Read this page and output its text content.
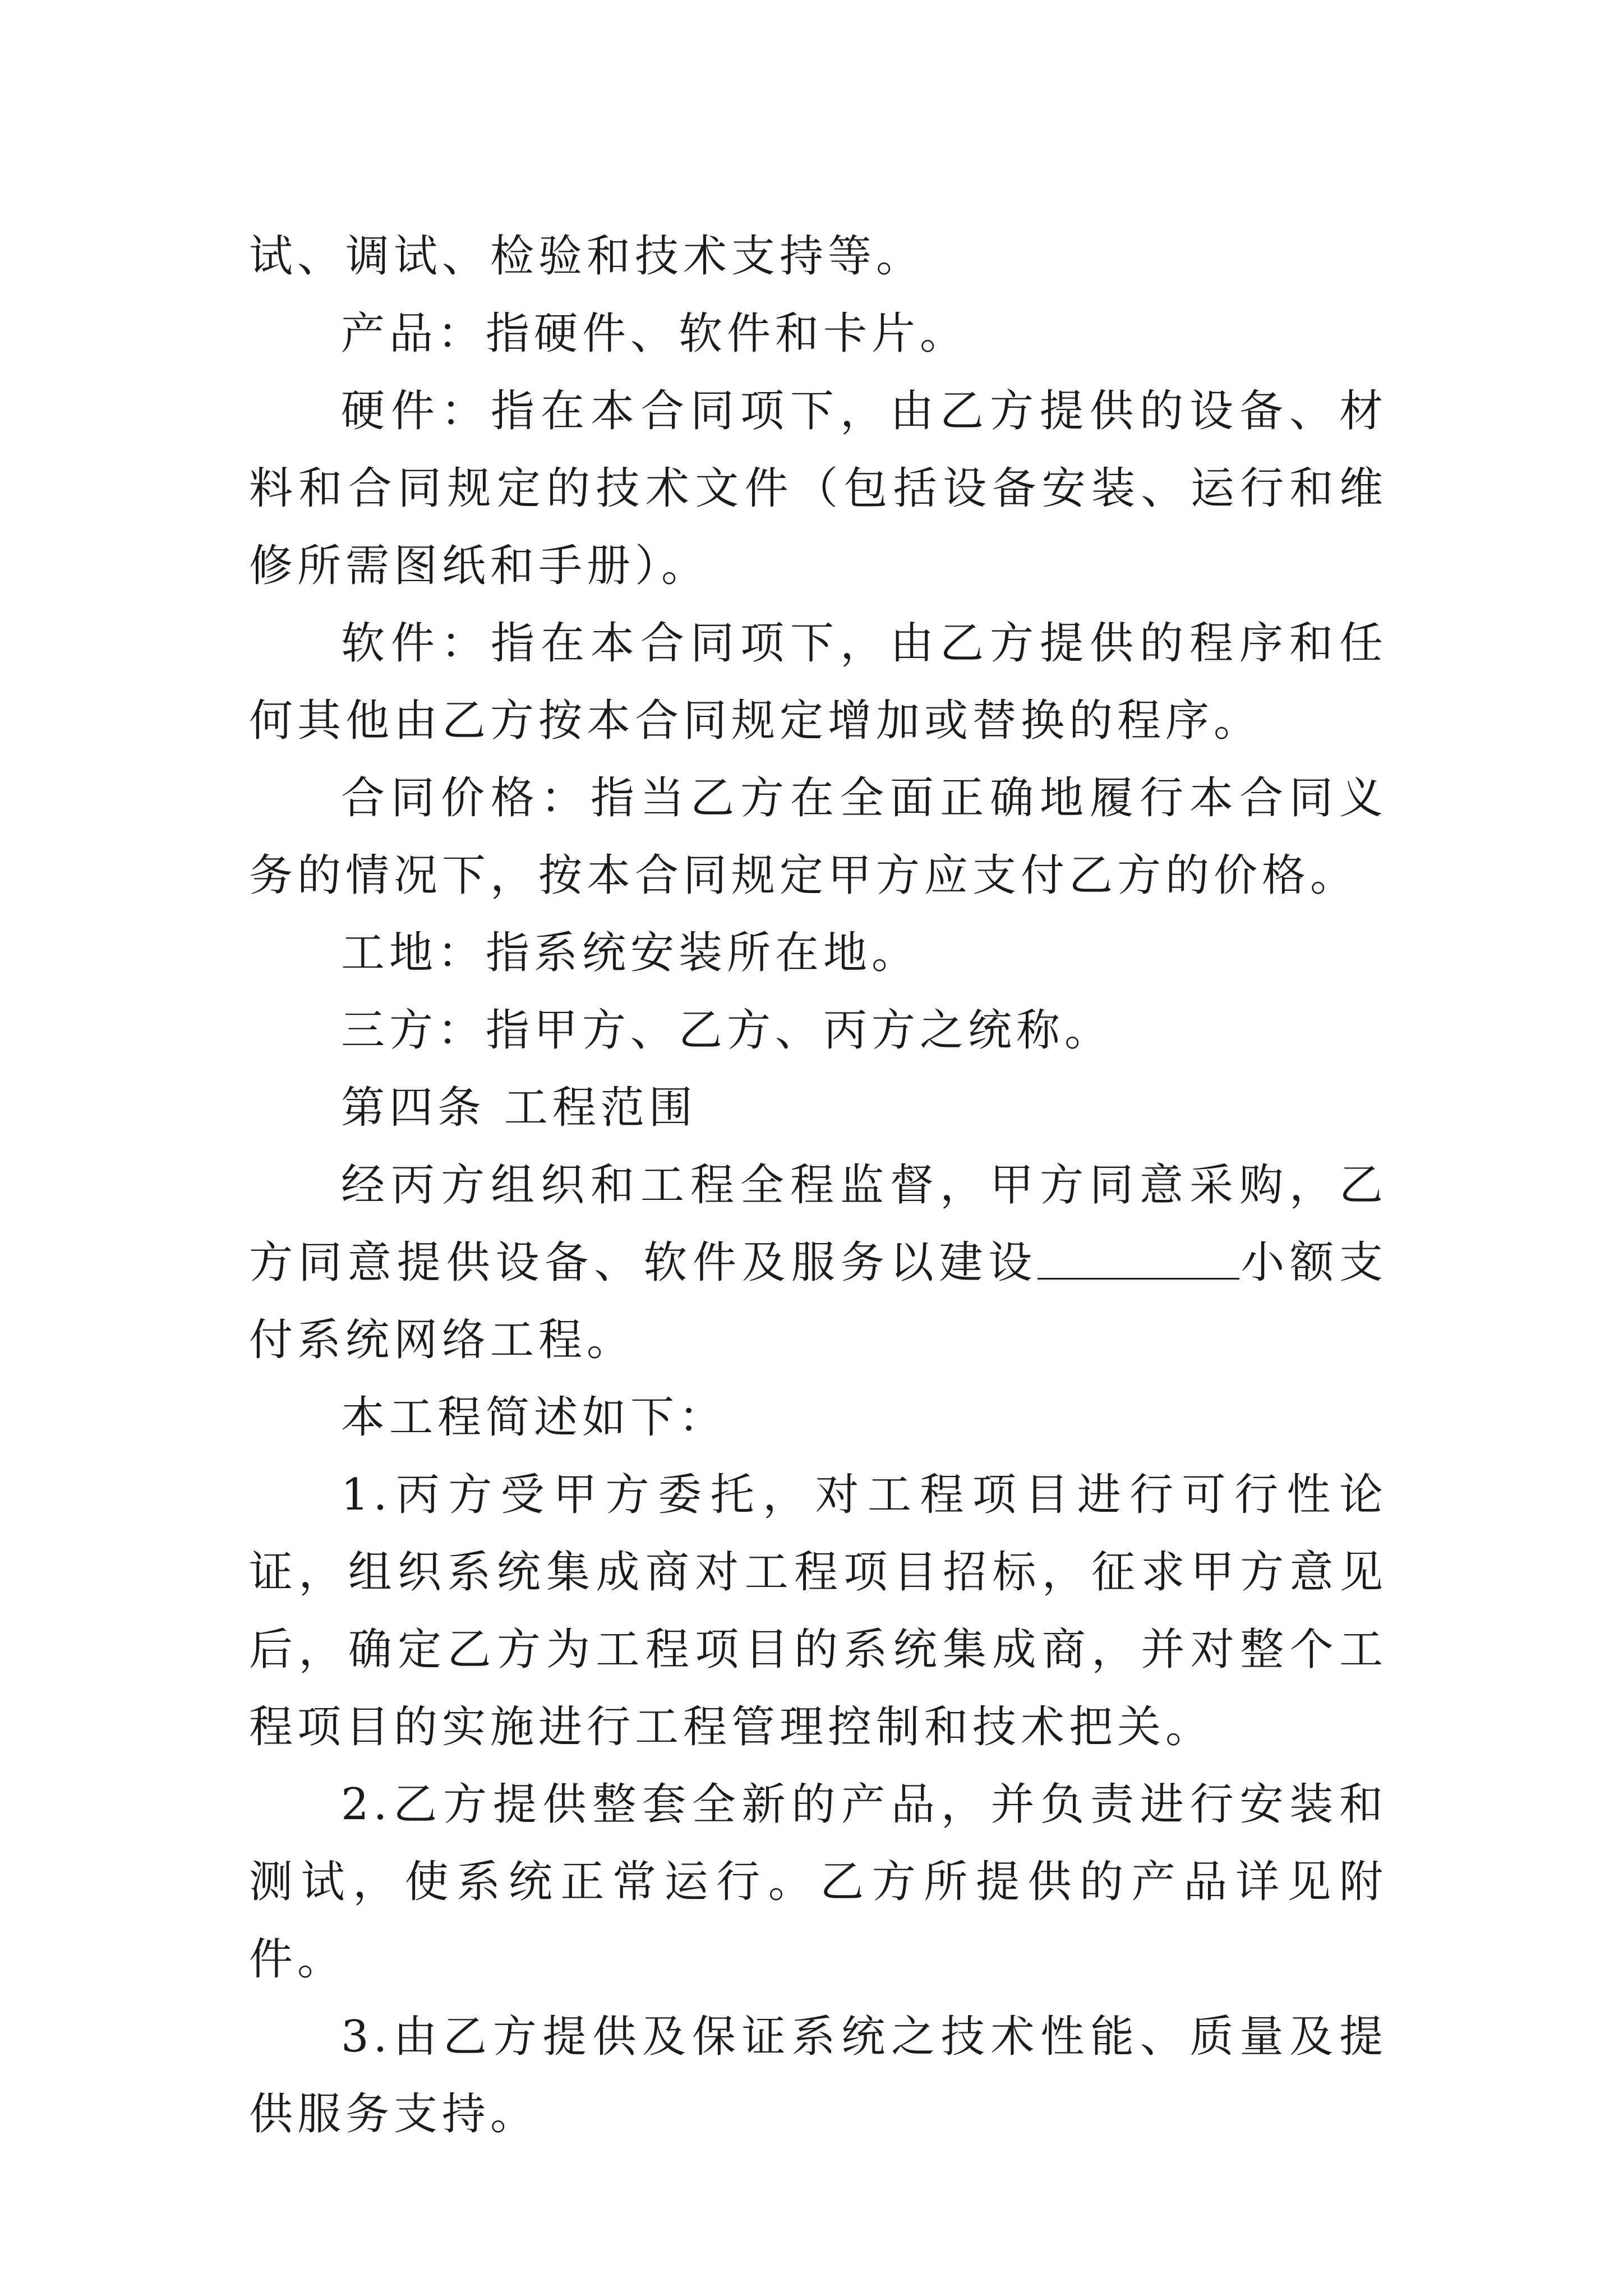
试、调试、检验和技术支持等。

产品：指硬件、软件和卡片。

硬件：指在本合同项下，由乙方提供的设备、材料和合同规定的技术文件（包括设备安装、运行和维修所需图纸和手册）。

软件：指在本合同项下，由乙方提供的程序和任何其他由乙方按本合同规定增加或替换的程序。

合同价格：指当乙方在全面正确地履行本合同义务的情况下，按本合同规定甲方应支付乙方的价格。

工地：指系统安装所在地。

三方：指甲方、乙方、丙方之统称。

第四条 工程范围

经丙方组织和工程全程监督，甲方同意采购，乙方同意提供设备、软件及服务以建设	小额支付系统网络工程。

本工程简述如下：

1.丙方受甲方委托，对工程项目进行可行性论证，组织系统集成商对工程项目招标，征求甲方意见后，确定乙方为工程项目的系统集成商，并对整个工程项目的实施进行工程管理控制和技术把关。

2.乙方提供整套全新的产品，并负责进行安装和测试，使系统正常运行。乙方所提供的产品详见附件。

3.由乙方提供及保证系统之技术性能、质量及提供服务支持。
